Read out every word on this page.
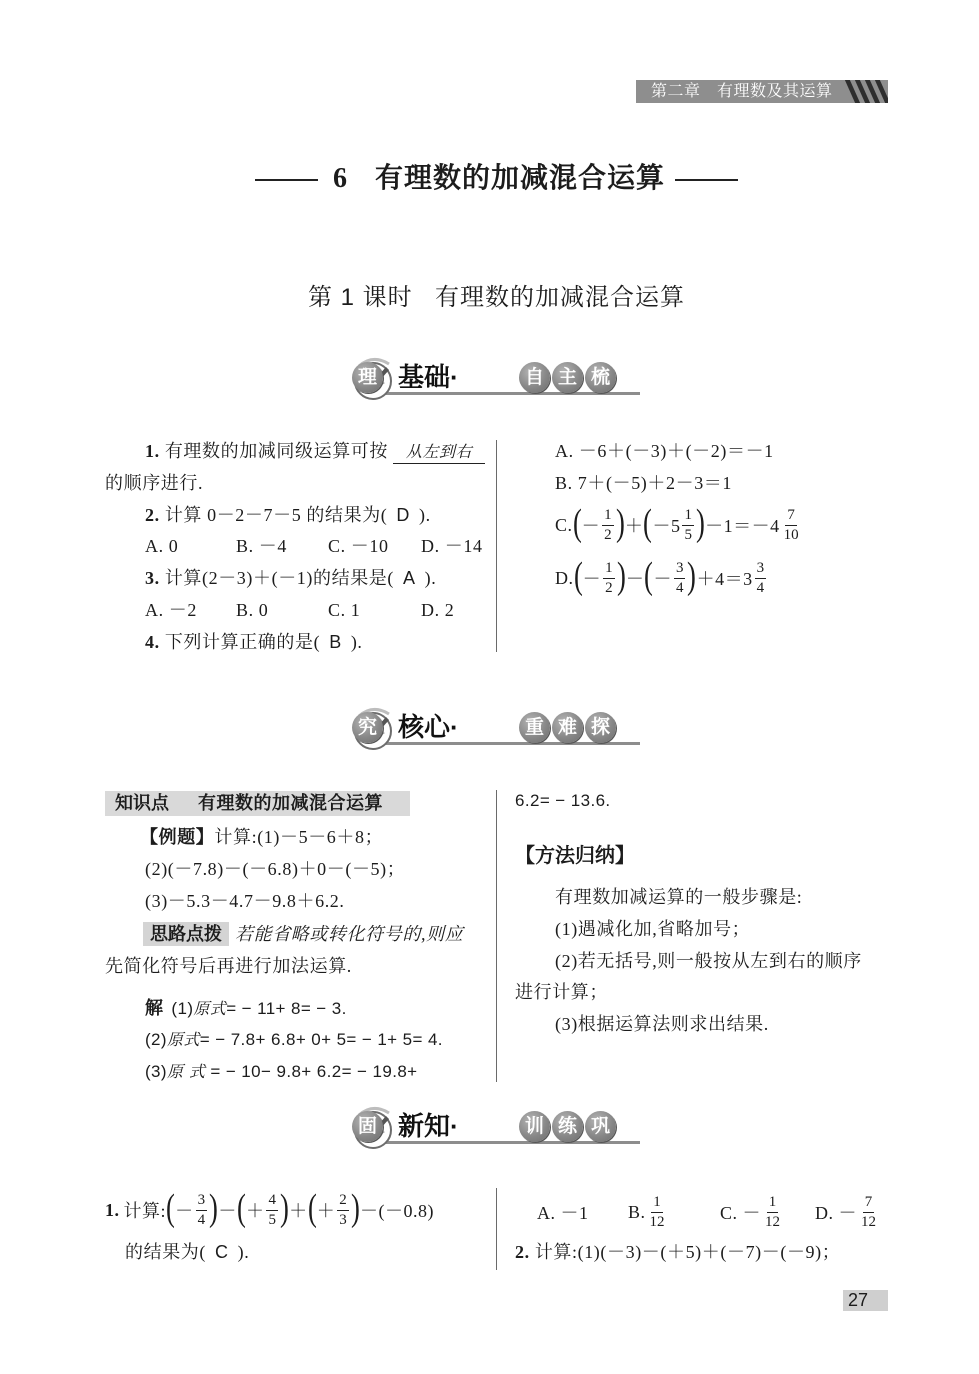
第二章　有理数及其运算
6 有理数的加减混合运算
第 1 课时 有理数的加减混合运算
基础·	自 主 梳
理
1. 有理数的加减同级运算可按 从左到右
的顺序进行.
2. 计算 0－2－7－5 的结果为( D ).
A. 0	B. －4 C. －10 D. －14
3. 计算(2－3)＋(－1)的结果是( A ).
A. －2 B. 0	C. 1	D. 2
4. 下列计算正确的是( B ).
A. －6＋(－3)＋(－2)＝－1
B. 7＋(－5)＋2－3＝1
C. ( － $\frac{1}{2}$ ) ＋ ( $-5 \frac{1}{5}$ ) $-1=-4 \frac{7}{10}$
D. ( － $\frac{1}{2}$ ) － ( － $\frac{3}{4}$ ) $+4=3 \frac{3}{4}$
核心·	重 难 探
究
知识点 有理数的加减混合运算
【例题】计算:(1)－5－6＋8；
(2)(－7.8)－(－6.8)＋0－(－5)；
(3)－5.3－4.7－9.8＋6.2.
思路点拨 若能省略或转化符号的,则应
先简化符号后再进行加法运算.
解 (1)原式= − 11+ 8= − 3.
(2)原式= − 7.8+ 6.8+ 0+ 5= − 1+ 5= 4.
(3)原 式 = − 10− 9.8+ 6.2= − 19.8+
6.2= − 13.6.
【方法归纳】
有理数加减运算的一般步骤是:
(1)遇减化加,省略加号；
(2)若无括号,则一般按从左到右的顺序
进行计算；
(3)根据运算法则求出结果.
新知·	训 练 巩
固
1. 计算: ( － $\frac{3}{4}$ ) － ( ＋ $\frac{4}{5}$ ) ＋ ( ＋ $\frac{2}{3}$ ) －(－0.8)
的结果为( C ).
A. －1 B. $\frac{1}{12}$	C. － $\frac{1}{12} D$. － $\frac{7}{12}$
2. 计算:(1)(－3)－(＋5)＋(－7)－(－9)；
27
